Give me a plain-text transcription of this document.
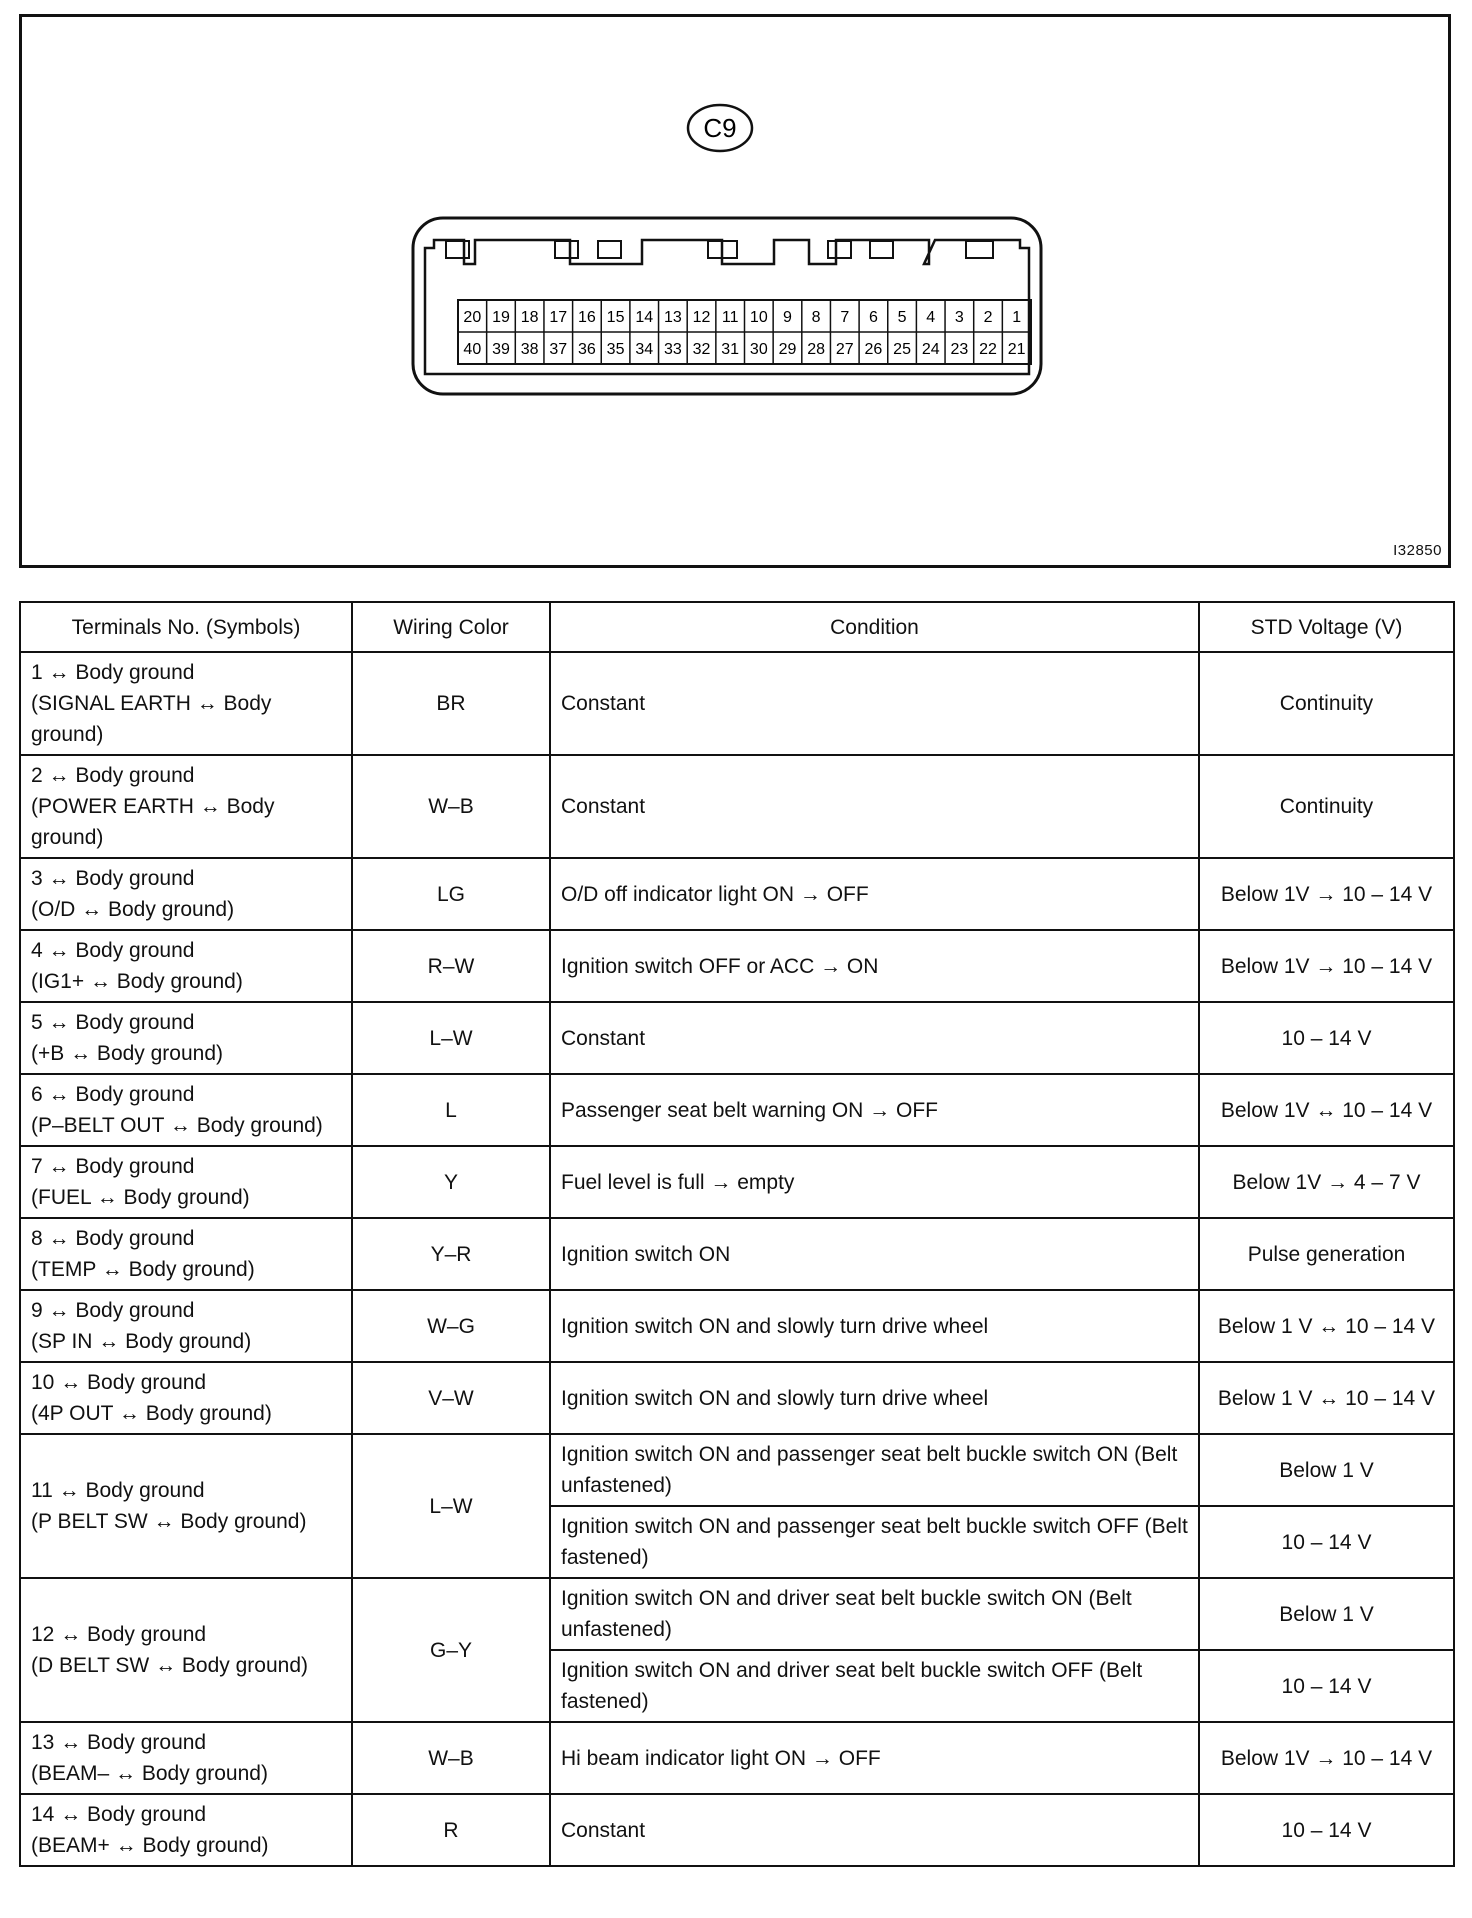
C9
20 19 18 17 16 15 14 13 12 11 10 9 8 7 6 5 4 3 2 1
40 39 38 37 36 35 34 33 32 31 30 29 28 27 26 25 24 23 22 21
I32850
Terminals No. (Symbols)	Wiring Color	Condition	STD Voltage (V)

1 ↔ Body ground
(SIGNAL EARTH ↔ Body
ground)	BR	Constant	Continuity

2 ↔ Body ground
(POWER EARTH ↔ Body
ground)	W–B	Constant	Continuity

3 ↔ Body ground
(O/D ↔ Body ground)	LG	O/D off indicator light ON → OFF	Below 1V → 10 – 14 V

4 ↔ Body ground
(IG1+ ↔ Body ground)	R–W	Ignition switch OFF or ACC → ON	Below 1V → 10 – 14 V

5 ↔ Body ground
(+B ↔ Body ground)	L–W	Constant	10 – 14 V

6 ↔ Body ground
(P–BELT OUT ↔ Body ground)	L	Passenger seat belt warning ON → OFF	Below 1V ↔ 10 – 14 V

7 ↔ Body ground
(FUEL ↔ Body ground)	Y	Fuel level is full → empty	Below 1V → 4 – 7 V

8 ↔ Body ground
(TEMP ↔ Body ground)	Y–R	Ignition switch ON	Pulse generation

9 ↔ Body ground
(SP IN ↔ Body ground)	W–G	Ignition switch ON and slowly turn drive wheel	Below 1 V ↔ 10 – 14 V

10 ↔ Body ground
(4P OUT ↔ Body ground)	V–W	Ignition switch ON and slowly turn drive wheel	Below 1 V ↔ 10 – 14 V

11 ↔ Body ground
(P BELT SW ↔ Body ground)	L–W	Ignition switch ON and passenger seat belt buckle switch ON (Belt unfastened)	Below 1 V
		Ignition switch ON and passenger seat belt buckle switch OFF (Belt fastened)	10 – 14 V

12 ↔ Body ground
(D BELT SW ↔ Body ground)	G–Y	Ignition switch ON and driver seat belt buckle switch ON (Belt unfastened)	Below 1 V
		Ignition switch ON and driver seat belt buckle switch OFF (Belt fastened)	10 – 14 V

13 ↔ Body ground
(BEAM– ↔ Body ground)	W–B	Hi beam indicator light ON → OFF	Below 1V → 10 – 14 V

14 ↔ Body ground
(BEAM+ ↔ Body ground)	R	Constant	10 – 14 V
